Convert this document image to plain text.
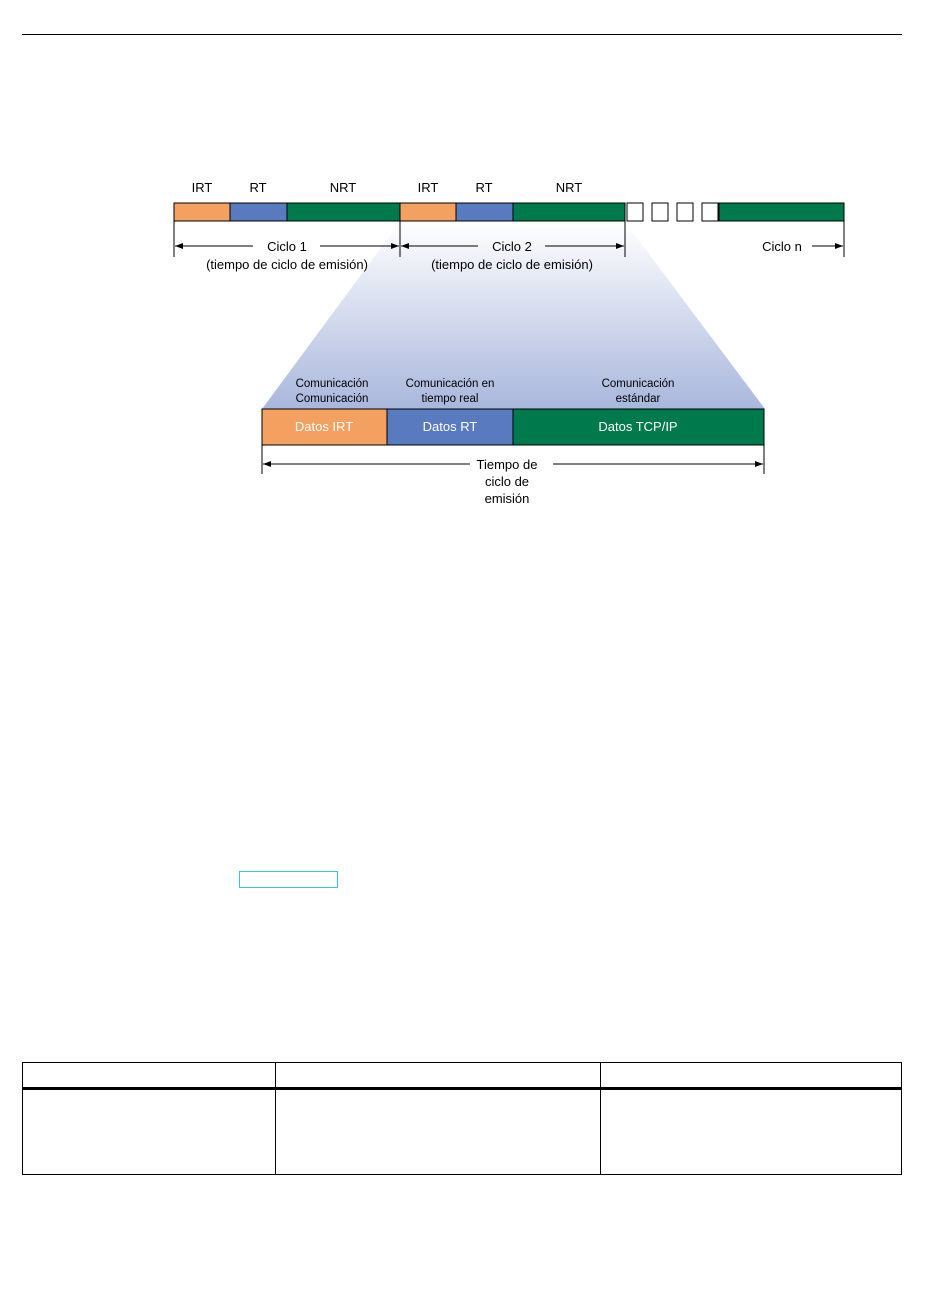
IRT	RT	NRT	IRT	RT	NRT
Ciclo 1
(tiempo de ciclo de emisión)
Ciclo 2
(tiempo de ciclo de emisión)
Ciclo n
Comunicación
Comunicación
Comunicación en
tiempo real
Comunicación
estándar
Datos IRT	Datos RT	Datos TCP/IP
Tiempo de
ciclo de
emisión
